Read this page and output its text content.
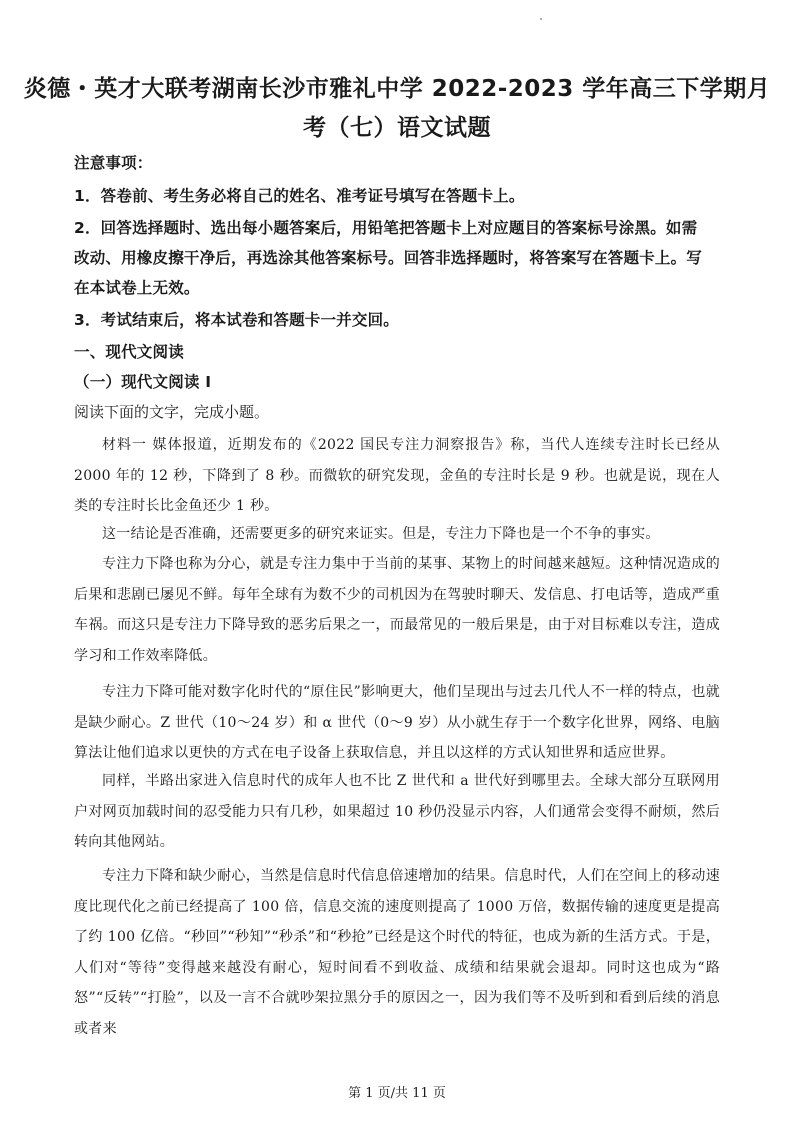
炎德・英才大联考湖南长沙市雅礼中学 2022-2023 学年高三下学期月
考（七）语文试题
注意事项：
1．答卷前、考生务必将自己的姓名、准考证号填写在答题卡上。
2．回答选择题时、选出每小题答案后，用铅笔把答题卡上对应题目的答案标号涂黑。如需
改动、用橡皮擦干净后，再选涂其他答案标号。回答非选择题时，将答案写在答题卡上。写
在本试卷上无效。
3．考试结束后，将本试卷和答题卡一并交回。
一、现代文阅读
（一）现代文阅读 I
阅读下面的文字，完成小题。
材料一 媒体报道，近期发布的《2022 国民专注力洞察报告》称，当代人连续专注时长已经从 2000 年的 12 秒，下降到了 8 秒。而微软的研究发现，金鱼的专注时长是 9 秒。也就是说，现在人类的专注时长比金鱼还少 1 秒。
这一结论是否准确，还需要更多的研究来证实。但是，专注力下降也是一个不争的事实。
专注力下降也称为分心，就是专注力集中于当前的某事、某物上的时间越来越短。这种情况造成的后果和悲剧已屡见不鲜。每年全球有为数不少的司机因为在驾驶时聊天、发信息、打电话等，造成严重车祸。而这只是专注力下降导致的恶劣后果之一，而最常见的一般后果是，由于对目标难以专注，造成学习和工作效率降低。
专注力下降可能对数字化时代的“原住民”影响更大，他们呈现出与过去几代人不一样的特点，也就是缺少耐心。Z 世代（10～24 岁）和 α 世代（0～9 岁）从小就生存于一个数字化世界，网络、电脑算法让他们追求以更快的方式在电子设备上获取信息，并且以这样的方式认知世界和适应世界。
同样，半路出家进入信息时代的成年人也不比 Z 世代和 a 世代好到哪里去。全球大部分互联网用户对网页加载时间的忍受能力只有几秒，如果超过 10 秒仍没显示内容，人们通常会变得不耐烦，然后转向其他网站。
专注力下降和缺少耐心，当然是信息时代信息倍速增加的结果。信息时代，人们在空间上的移动速度比现代化之前已经提高了 100 倍，信息交流的速度则提高了 1000 万倍，数据传输的速度更是提高了约 100 亿倍。“秒回”“秒知”“秒杀”和“秒抢”已经是这个时代的特征，也成为新的生活方式。于是，人们对“等待”变得越来越没有耐心，短时间看不到收益、成绩和结果就会退却。同时这也成为“路怒”“反转”“打脸”，以及一言不合就吵架拉黑分手的原因之一，因为我们等不及听到和看到后续的消息或者来
第 1 页/共 11 页
